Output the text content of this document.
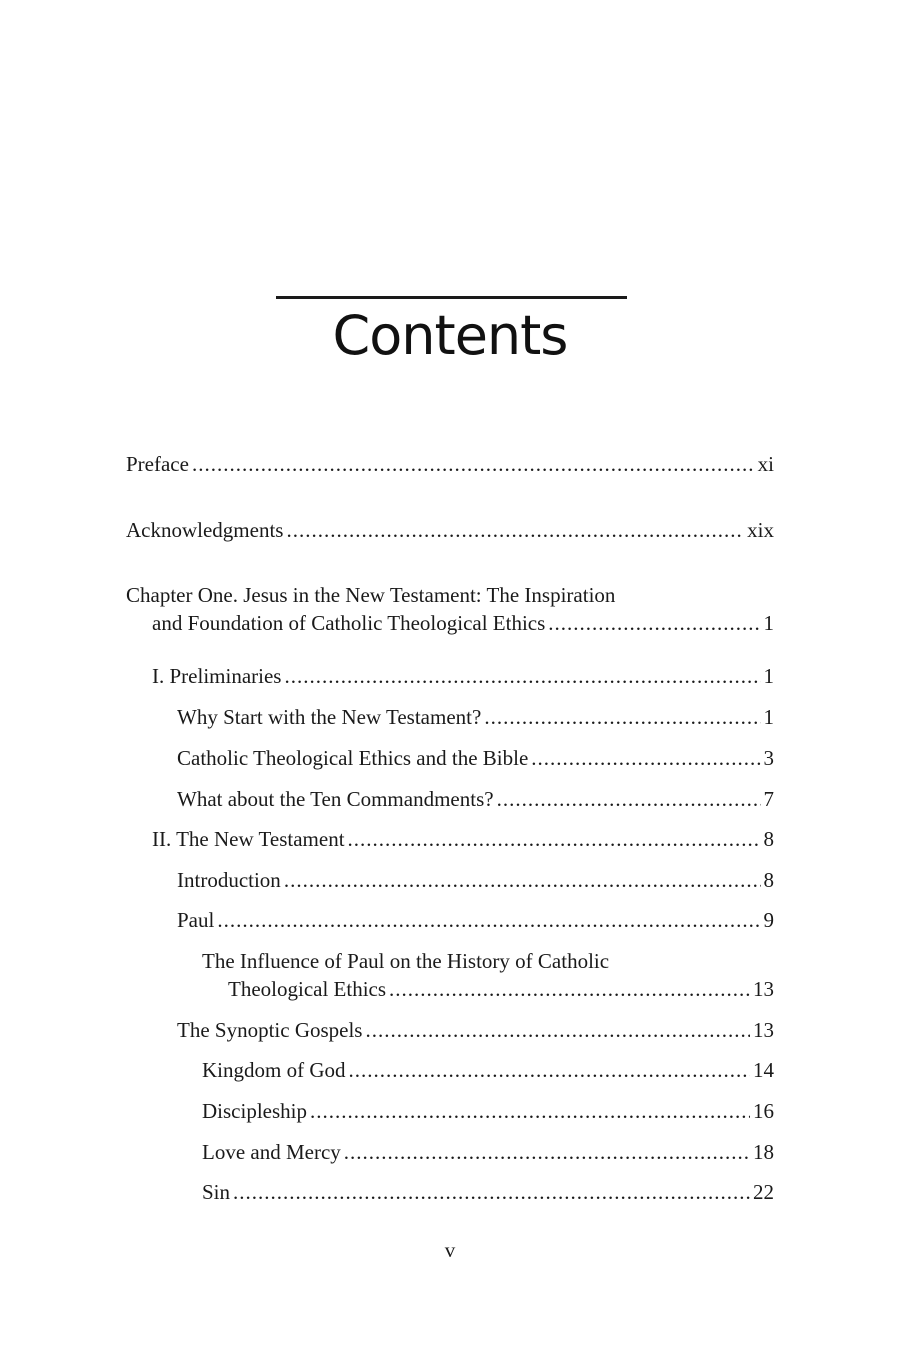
Contents
Preface .....	xi
Acknowledgments .....	xix
Chapter One. Jesus in the New Testament: The Inspiration
and Foundation of Catholic Theological Ethics .....	1
I. Preliminaries .....	1
Why Start with the New Testament? .....	1
Catholic Theological Ethics and the Bible .....	3
What about the Ten Commandments? .....	7
II. The New Testament .....	8
Introduction .....	8
Paul .....	9
The Influence of Paul on the History of Catholic
Theological Ethics .....	13
The Synoptic Gospels .....	13
Kingdom of God .....	14
Discipleship .....	16
Love and Mercy .....	18
Sin .....	22
v
